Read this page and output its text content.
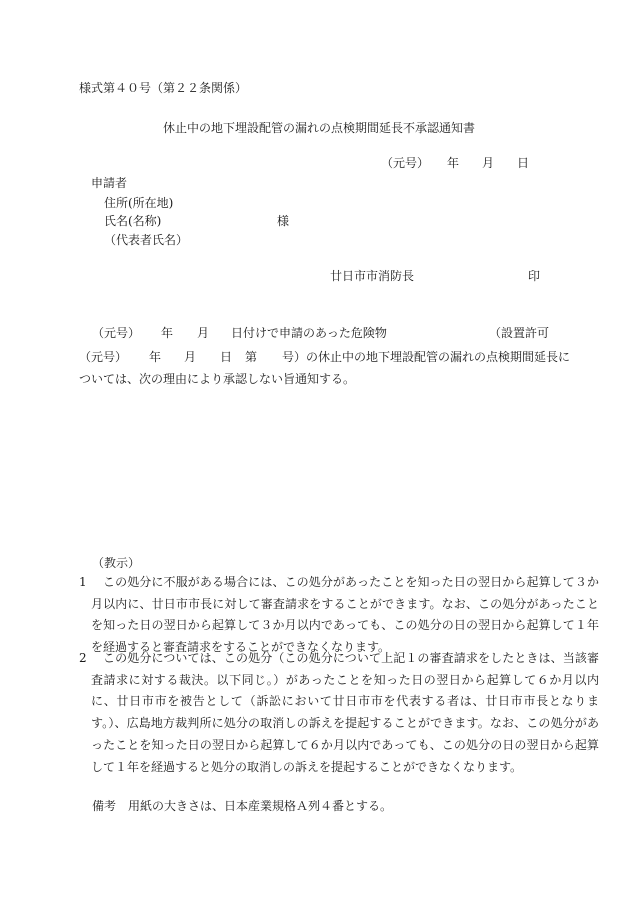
様式第４０号（第２２条関係）
休止中の地下埋設配管の漏れの点検期間延長不承認通知書
（元号） 年 月 日
申請者
住所(所在地)
氏名(名称)	様
（代表者氏名）
廿日市市消防長	印
（元号） 年 月 日付けで申請のあった危険物	（設置許可
（元号） 年 月 日 第 号）の休止中の地下埋設配管の漏れの点検期間延長に
ついては、次の理由により承認しない旨通知する。
（教示）
1	この処分に不服がある場合には、この処分があったことを知った日の翌日から起算して３か月以内に、廿日市市長に対して審査請求をすることができます。なお、この処分があったことを知った日の翌日から起算して３か月以内であっても、この処分の日の翌日から起算して１年を経過すると審査請求をすることができなくなります。
2	この処分については、この処分（この処分について上記１の審査請求をしたときは、当該審査請求に対する裁決。以下同じ。）があったことを知った日の翌日から起算して６か月以内に、廿日市市を被告として（訴訟において廿日市市を代表する者は、廿日市市長となります。）、広島地方裁判所に処分の取消しの訴えを提起することができます。なお、この処分があったことを知った日の翌日から起算して６か月以内であっても、この処分の日の翌日から起算して１年を経過すると処分の取消しの訴えを提起することができなくなります。
備考　用紙の大きさは、日本産業規格Ａ列４番とする。
